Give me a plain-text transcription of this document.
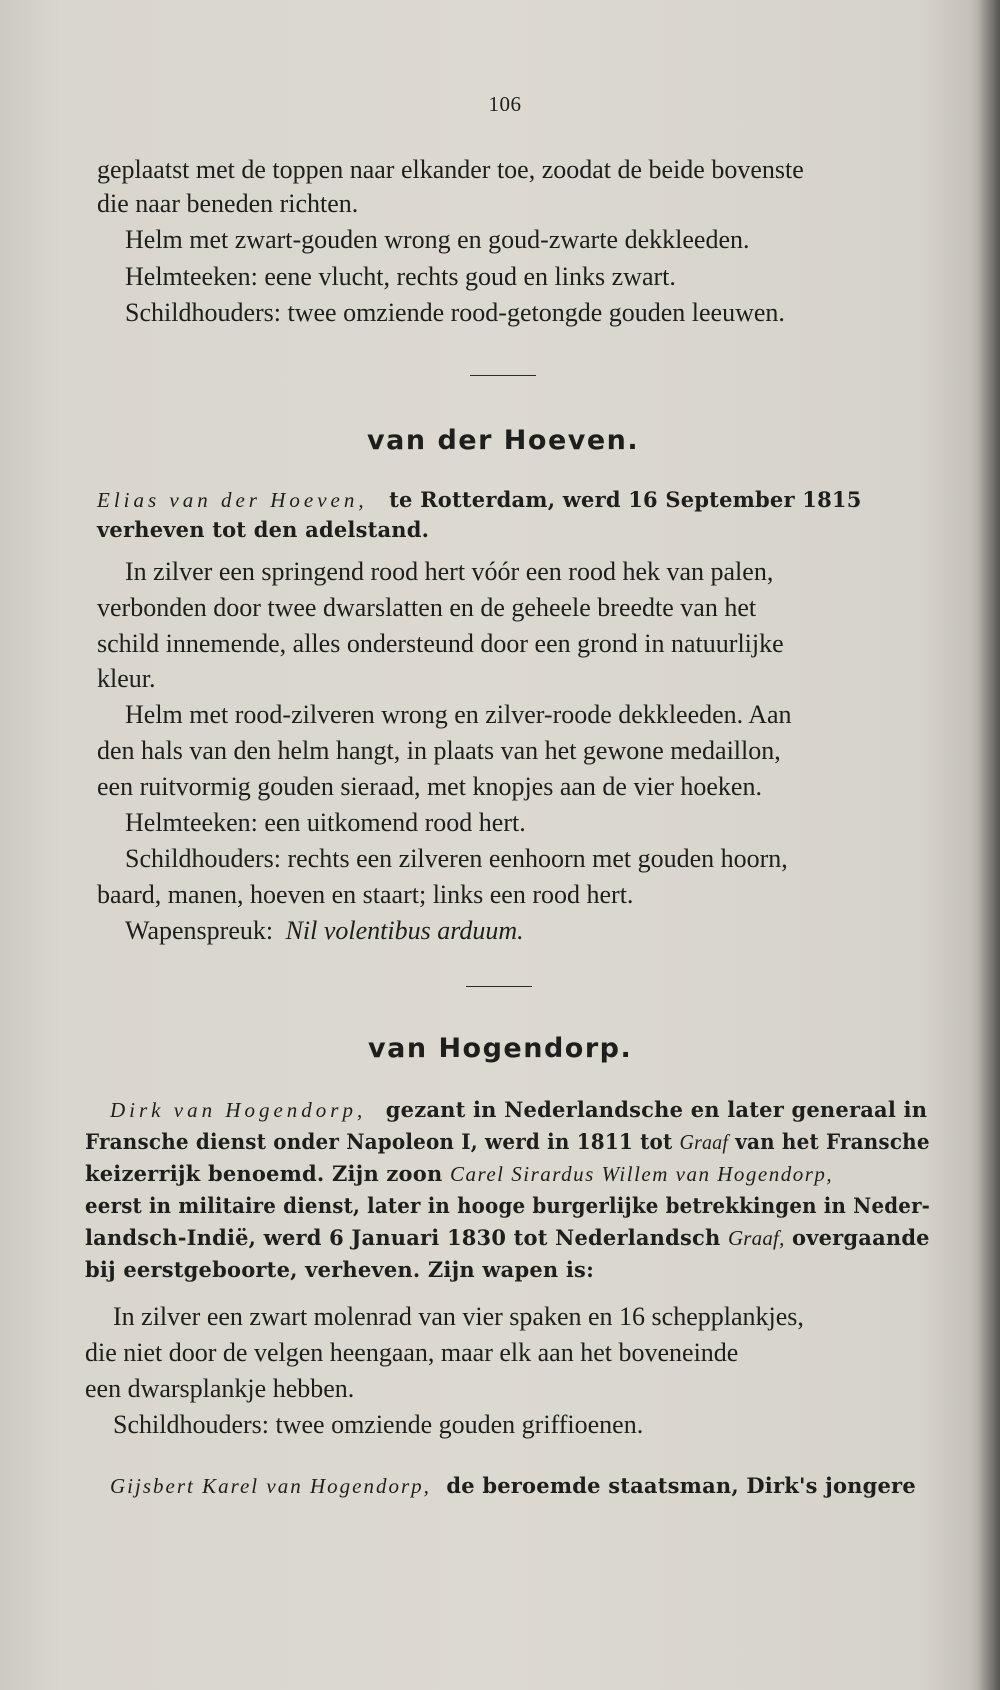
106
geplaatst met de toppen naar elkander toe, zoodat de beide bovenste
die naar beneden richten.
Helm met zwart-gouden wrong en goud-zwarte dekkleeden.
Helmteeken: eene vlucht, rechts goud en links zwart.
Schildhouders: twee omziende rood-getongde gouden leeuwen.
van der Hoeven.
Elias van der Hoeven, te Rotterdam, werd 16 September 1815
verheven tot den adelstand.
In zilver een springend rood hert vóór een rood hek van palen,
verbonden door twee dwarslatten en de geheele breedte van het
schild innemende, alles ondersteund door een grond in natuurlijke
kleur.
Helm met rood-zilveren wrong en zilver-roode dekkleeden. Aan
den hals van den helm hangt, in plaats van het gewone medaillon,
een ruitvormig gouden sieraad, met knopjes aan de vier hoeken.
Helmteeken: een uitkomend rood hert.
Schildhouders: rechts een zilveren eenhoorn met gouden hoorn,
baard, manen, hoeven en staart; links een rood hert.
Wapenspreuk: Nil volentibus arduum.
van Hogendorp.
Dirk van Hogendorp, gezant in Nederlandsche en later generaal in
Fransche dienst onder Napoleon I, werd in 1811 tot Graaf van het Fransche
keizerrijk benoemd. Zijn zoon Carel Sirardus Willem van Hogendorp,
eerst in militaire dienst, later in hooge burgerlijke betrekkingen in Neder-
landsch-Indië, werd 6 Januari 1830 tot Nederlandsch Graaf, overgaande
bij eerstgeboorte, verheven. Zijn wapen is:
In zilver een zwart molenrad van vier spaken en 16 schepplankjes,
die niet door de velgen heengaan, maar elk aan het boveneinde
een dwarsplankje hebben.
Schildhouders: twee omziende gouden griffioenen.
Gijsbert Karel van Hogendorp, de beroemde staatsman, Dirk's jongere
